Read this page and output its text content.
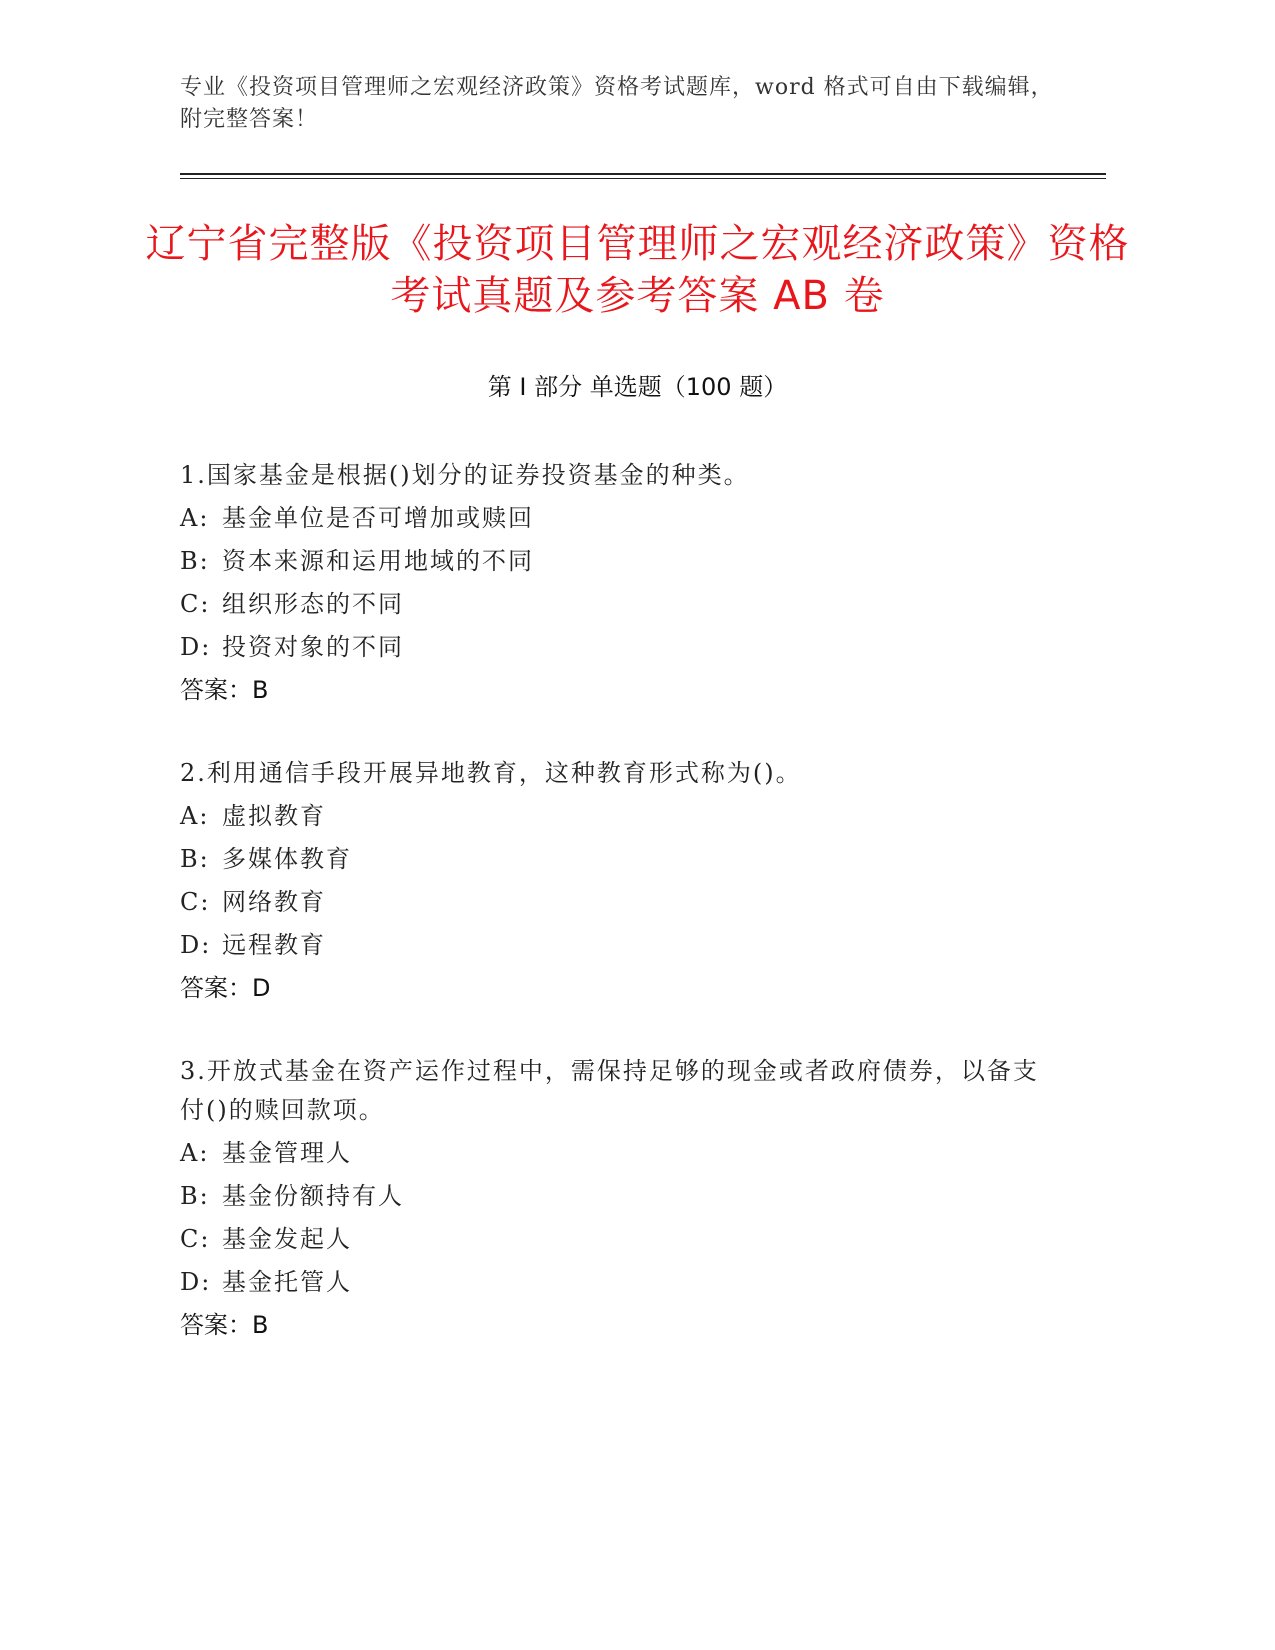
专业《投资项目管理师之宏观经济政策》资格考试题库，word 格式可自由下载编辑，附完整答案！
辽宁省完整版《投资项目管理师之宏观经济政策》资格考试真题及参考答案 AB 卷
第 I 部分 单选题（100 题）

1.国家基金是根据()划分的证券投资基金的种类。

A: 基金单位是否可增加或赎回
B: 资本来源和运用地域的不同
C: 组织形态的不同
D: 投资对象的不同
答案：B

2.利用通信手段开展异地教育，这种教育形式称为()。

A: 虚拟教育
B: 多媒体教育
C: 网络教育
D: 远程教育
答案：D

3.开放式基金在资产运作过程中，需保持足够的现金或者政府债券，以备支付()的赎回款项。

A: 基金管理人
B: 基金份额持有人
C: 基金发起人
D: 基金托管人
答案：B
